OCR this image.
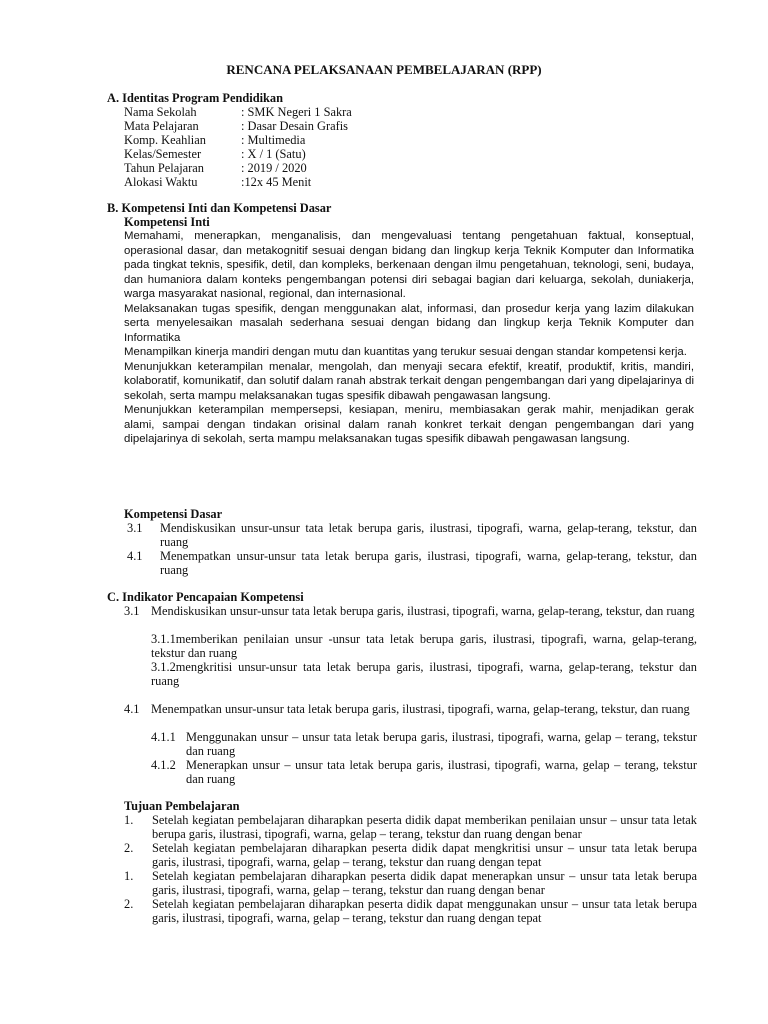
RENCANA PELAKSANAAN PEMBELAJARAN (RPP)
A. Identitas Program Pendidikan
Nama Sekolah	: SMK Negeri 1 Sakra
Mata Pelajaran	: Dasar Desain Grafis
Komp. Keahlian	: Multimedia
Kelas/Semester	: X / 1 (Satu)
Tahun Pelajaran	: 2019 / 2020
Alokasi Waktu	:12x 45 Menit
B. Kompetensi Inti dan Kompetensi Dasar
Kompetensi Inti

Memahami, menerapkan, menganalisis, dan mengevaluasi tentang pengetahuan faktual, konseptual, operasional dasar, dan metakognitif sesuai dengan bidang dan lingkup kerja Teknik Komputer dan Informatika pada tingkat teknis, spesifik, detil, dan kompleks, berkenaan dengan ilmu pengetahuan, teknologi, seni, budaya, dan humaniora dalam konteks pengembangan potensi diri sebagai bagian dari keluarga, sekolah, duniakerja, warga masyarakat nasional, regional, dan internasional.

Melaksanakan tugas spesifik, dengan menggunakan alat, informasi, dan prosedur kerja yang lazim dilakukan serta menyelesaikan masalah sederhana sesuai dengan bidang dan lingkup kerja Teknik Komputer dan Informatika

Menampilkan kinerja mandiri dengan mutu dan kuantitas yang terukur sesuai dengan standar kompetensi kerja.

Menunjukkan keterampilan menalar, mengolah, dan menyaji secara efektif, kreatif, produktif, kritis, mandiri, kolaboratif, komunikatif, dan solutif dalam ranah abstrak terkait dengan pengembangan dari yang dipelajarinya di sekolah, serta mampu melaksanakan tugas spesifik dibawah pengawasan langsung.

Menunjukkan keterampilan mempersepsi, kesiapan, meniru, membiasakan gerak mahir, menjadikan gerak alami, sampai dengan tindakan orisinal dalam ranah konkret terkait dengan pengembangan dari yang dipelajarinya di sekolah, serta mampu melaksanakan tugas spesifik dibawah pengawasan langsung.

Kompetensi Dasar
3.1 Mendiskusikan unsur-unsur tata letak berupa garis, ilustrasi, tipografi, warna, gelap-terang, tekstur, dan ruang
4.1 Menempatkan unsur-unsur tata letak berupa garis, ilustrasi, tipografi, warna, gelap-terang, tekstur, dan ruang
C. Indikator Pencapaian Kompetensi
3.1 Mendiskusikan unsur-unsur tata letak berupa garis, ilustrasi, tipografi, warna, gelap-terang, tekstur, dan ruang
3.1.1memberikan penilaian unsur -unsur tata letak berupa garis, ilustrasi, tipografi, warna, gelap-terang, tekstur dan ruang
3.1.2mengkritisi unsur-unsur tata letak berupa garis, ilustrasi, tipografi, warna, gelap-terang, tekstur dan ruang
4.1 Menempatkan unsur-unsur tata letak berupa garis, ilustrasi, tipografi, warna, gelap-terang, tekstur, dan ruang
4.1.1 Menggunakan unsur – unsur tata letak berupa garis, ilustrasi, tipografi, warna, gelap – terang, tekstur dan ruang
4.1.2 Menerapkan unsur – unsur tata letak berupa garis, ilustrasi, tipografi, warna, gelap – terang, tekstur dan ruang
Tujuan Pembelajaran
1. Setelah kegiatan pembelajaran diharapkan peserta didik dapat memberikan penilaian unsur – unsur tata letak berupa garis, ilustrasi, tipografi, warna, gelap – terang, tekstur dan ruang dengan benar
2. Setelah kegiatan pembelajaran diharapkan peserta didik dapat mengkritisi unsur – unsur tata letak berupa garis, ilustrasi, tipografi, warna, gelap – terang, tekstur dan ruang dengan tepat
1. Setelah kegiatan pembelajaran diharapkan peserta didik dapat menerapkan unsur – unsur tata letak berupa garis, ilustrasi, tipografi, warna, gelap – terang, tekstur dan ruang dengan benar
2. Setelah kegiatan pembelajaran diharapkan peserta didik dapat menggunakan unsur – unsur tata letak berupa garis, ilustrasi, tipografi, warna, gelap – terang, tekstur dan ruang dengan tepat
